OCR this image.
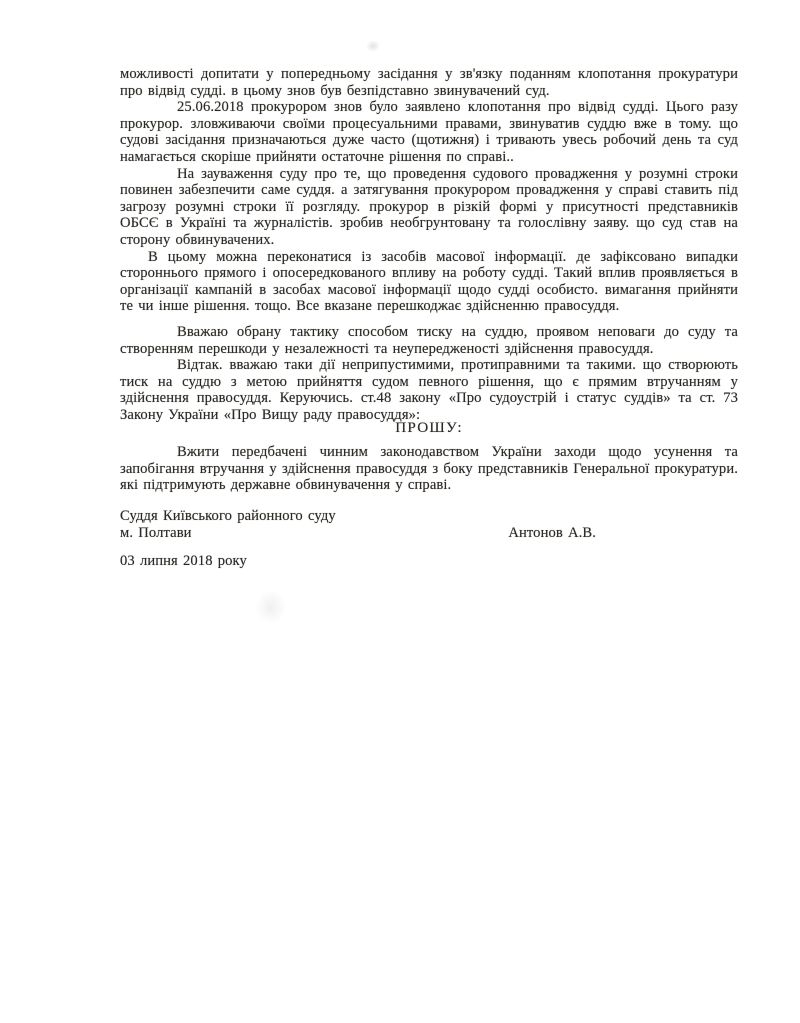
можливості допитати у попередньому засідання у зв'язку поданням клопотання прокуратури про відвід судді. в цьому знов був безпідставно звинувачений суд.

25.06.2018 прокурором знов було заявлено клопотання про відвід судді. Цього разу прокурор. зловживаючи своїми процесуальними правами, звинуватив суддю вже в тому. що судові засідання призначаються дуже часто (щотижня) і тривають увесь робочий день та суд намагається скоріше прийняти остаточне рішення по справі..

На зауваження суду про те, що проведення судового провадження у розумні строки повинен забезпечити саме суддя. а затягування прокурором провадження у справі ставить під загрозу розумні строки її розгляду. прокурор в різкій формі у присутності представників ОБСЄ в Україні та журналістів. зробив необгрунтовану та голослівну заяву. що суд став на сторону обвинувачених.

В цьому можна переконатися із засобів масової інформації. де зафіксовано випадки стороннього прямого і опосередкованого впливу на роботу судді. Такий вплив проявляється в організації кампаній в засобах масової інформації щодо судді особисто. вимагання прийняти те чи інше рішення. тощо. Все вказане перешкоджає здійсненню правосуддя.

Вважаю обрану тактику способом тиску на суддю, проявом неповаги до суду та створенням перешкоди у незалежності та неупередженості здійснення правосуддя.

Відтак. вважаю таки дії неприпустимими, протиправними та такими. що створюють тиск на суддю з метою прийняття судом певного рішення, що є прямим втручанням у здійснення правосуддя. Керуючись. ст.48 закону «Про судоустрій і статус суддів» та ст. 73 Закону України «Про Вищу раду правосуддя»:

ПРОШУ:

Вжити передбачені чинним законодавством України заходи щодо усунення та запобігання втручання у здійснення правосуддя з боку представників Генеральної прокуратури. які підтримують державне обвинувачення у справі.

Суддя Київського районного суду
м. Полтави	Антонов А.В.
03 липня 2018 року
